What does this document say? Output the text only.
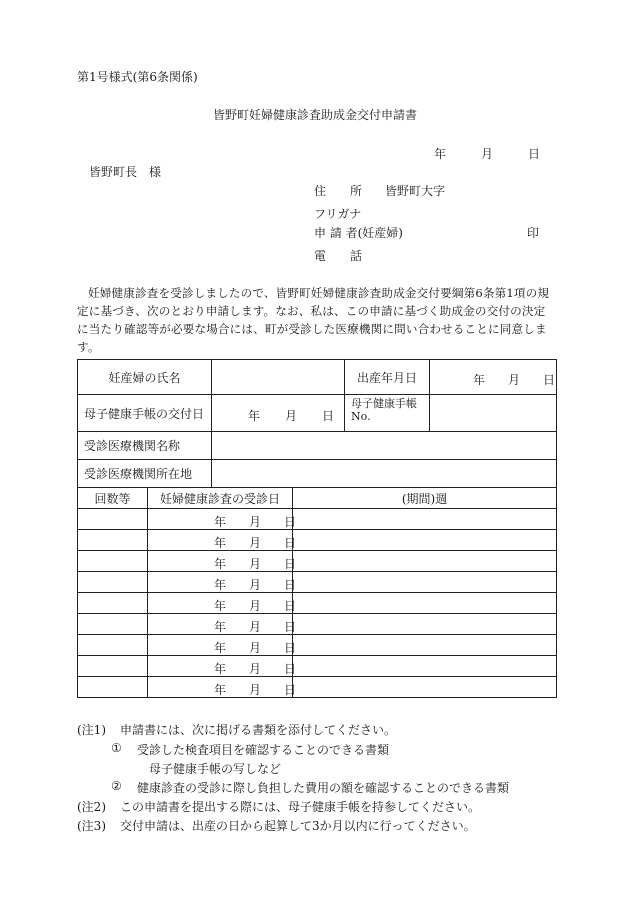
第1号様式(第6条関係)
皆野町妊婦健康診査助成金交付申請書
年	月	日
皆野町長　様
住　　所 皆野町大字
フリガナ
申 請 者(妊産婦)	印
電　　話
妊婦健康診査を受診しましたので、皆野町妊婦健康診査助成金交付要綱第6条第1項の規定に基づき、次のとおり申請します。なお、私は、この申請に基づく助成金の交付の決定に当たり確認等が必要な場合には、町が受診した医療機関に問い合わせることに同意します。
妊産婦の氏名				出産年月日	年 月 日

母子健康手帳の交付日		年 月 日		母子健康手帳No.	
受診医療機関名称					
受診医療機関所在地					
回数等	妊婦健康診査の受診日		(期間)週		

	年 月 日				

	年 月 日				

	年 月 日				

	年 月 日				

	年 月 日				

	年 月 日				

	年 月 日				

	年 月 日				

	年 月 日				

(注1) 申請書には、次に掲げる書類を添付してください。
① 受診した検査項目を確認することのできる書類
母子健康手帳の写しなど
② 健康診査の受診に際し負担した費用の額を確認することのできる書類
(注2) この申請書を提出する際には、母子健康手帳を持参してください。
(注3) 交付申請は、出産の日から起算して3か月以内に行ってください。
